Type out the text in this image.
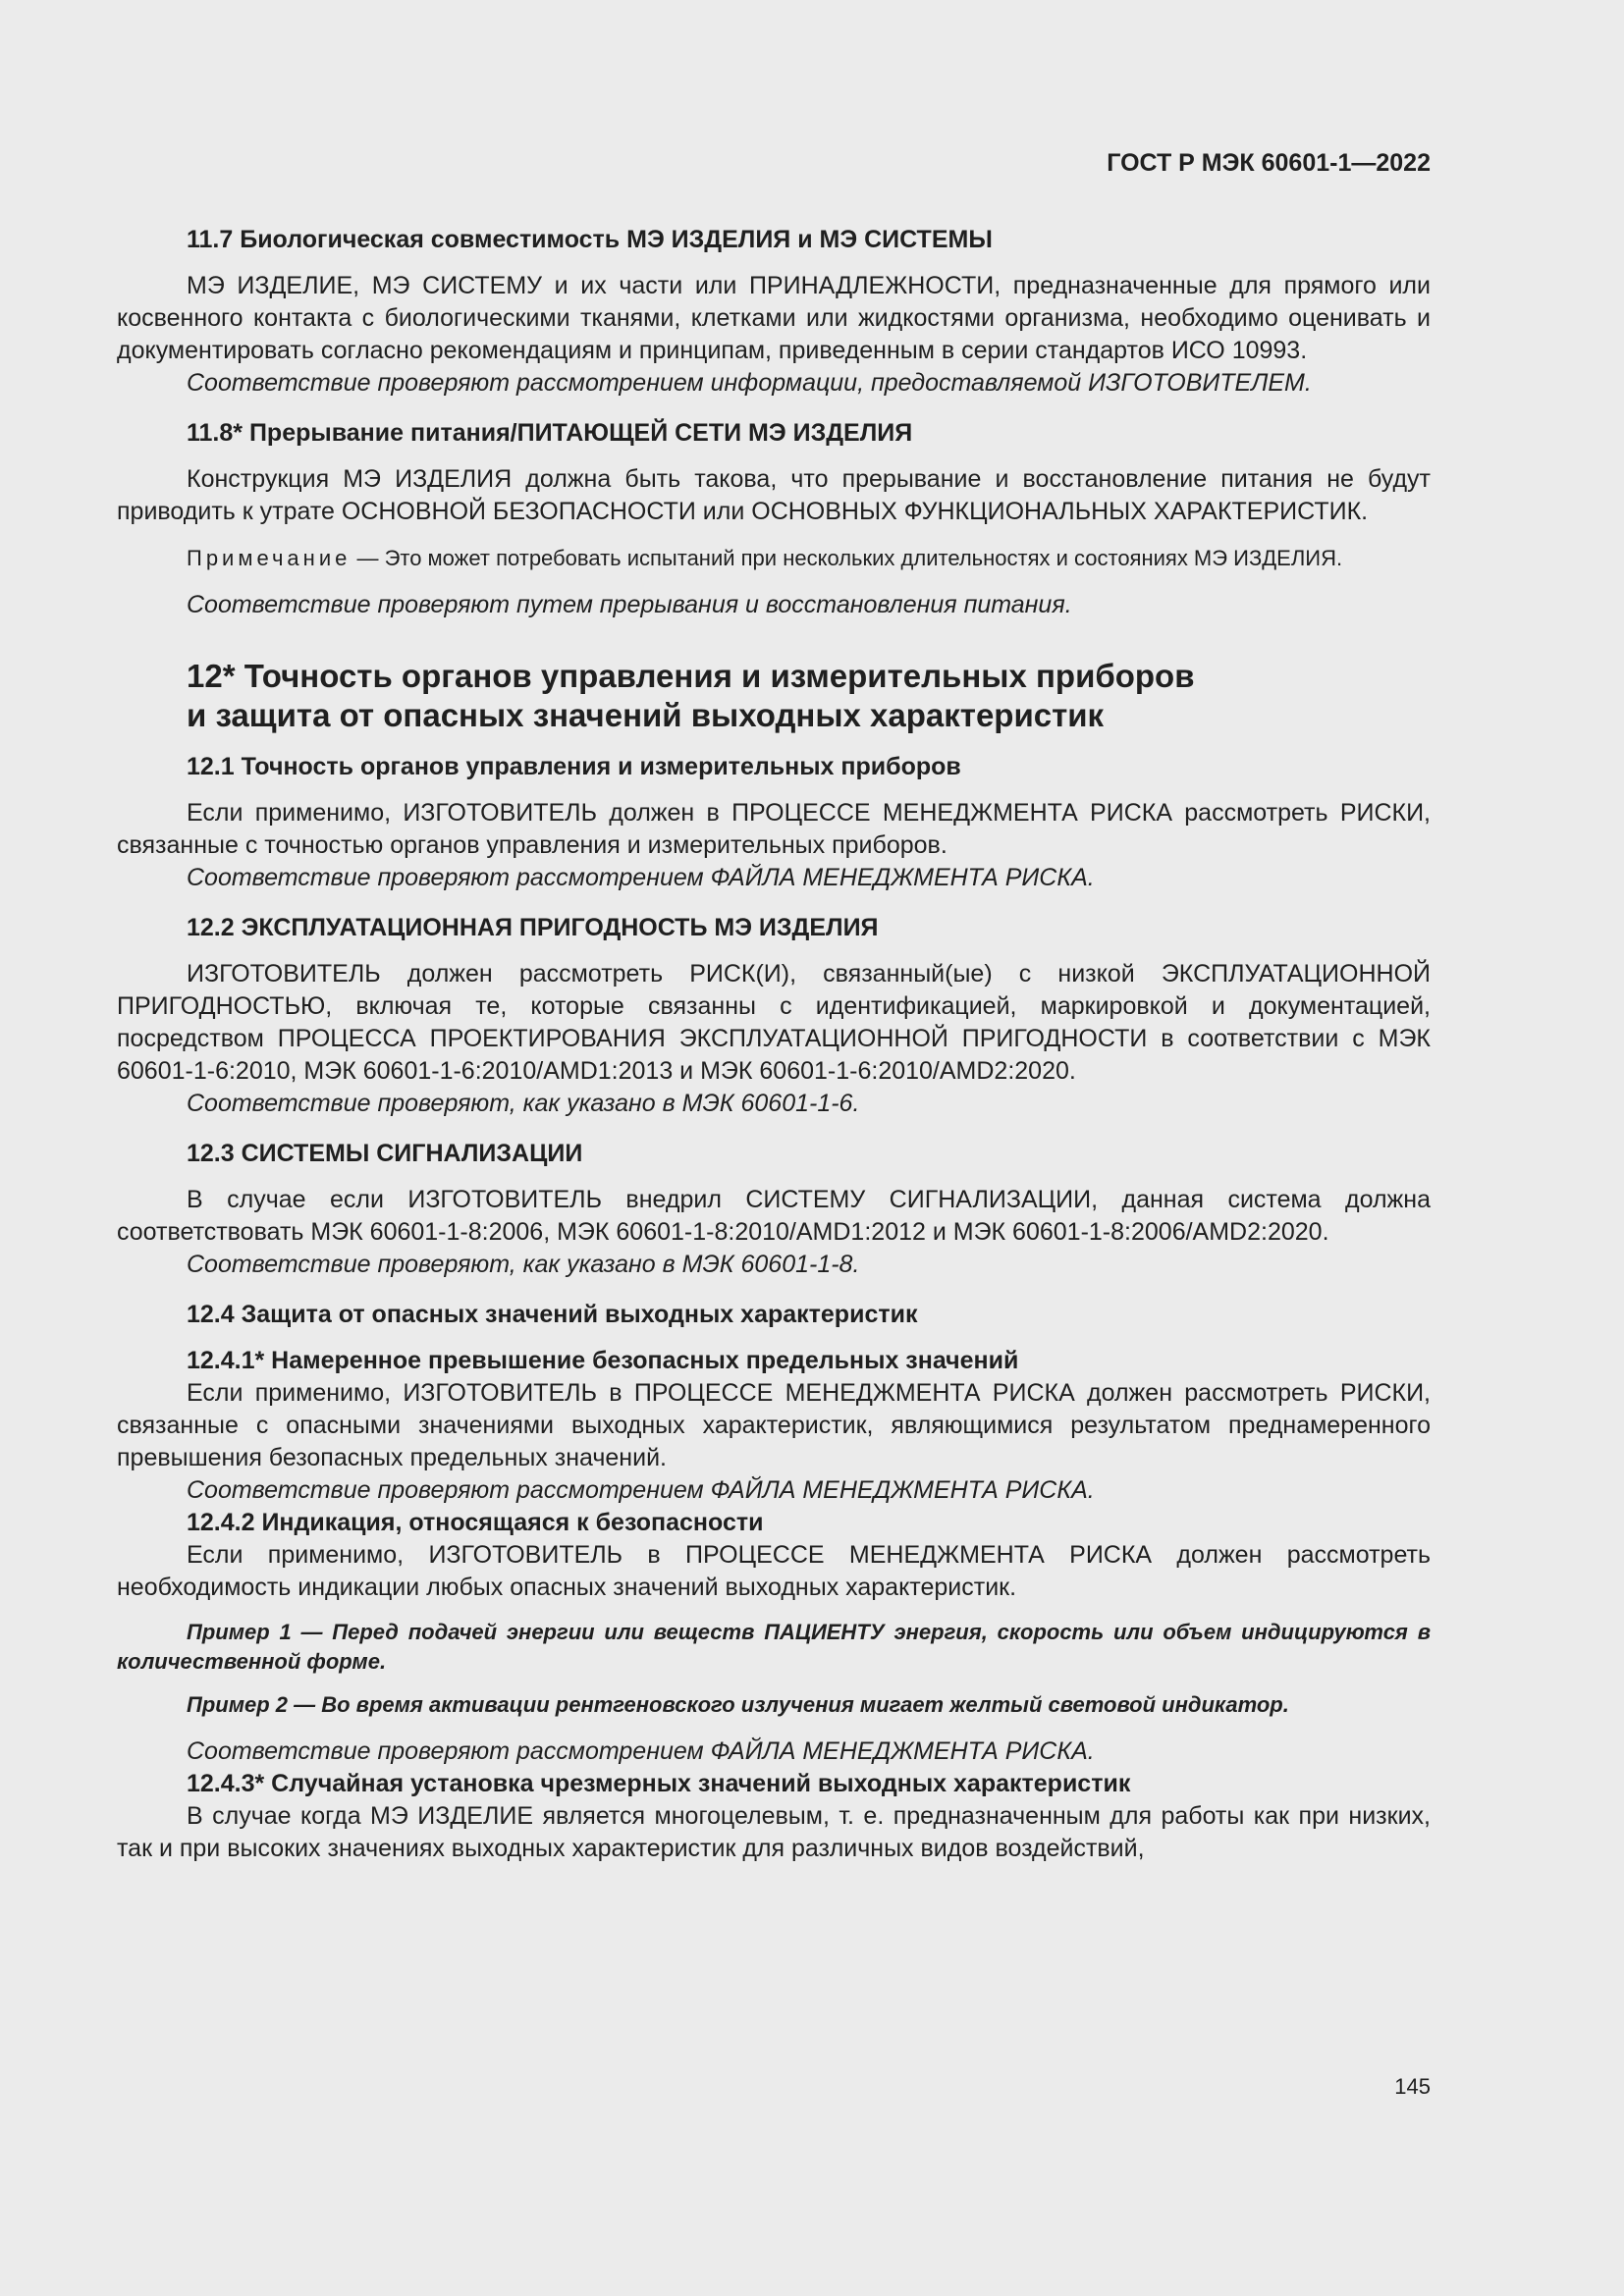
ГОСТ Р МЭК 60601-1—2022
11.7 Биологическая совместимость МЭ ИЗДЕЛИЯ и МЭ СИСТЕМЫ

МЭ ИЗДЕЛИЕ, МЭ СИСТЕМУ и их части или ПРИНАДЛЕЖНОСТИ, предназначенные для прямого или косвенного контакта с биологическими тканями, клетками или жидкостями организма, необходимо оценивать и документировать согласно рекомендациям и принципам, приведенным в серии стандартов ИСО 10993.

Соответствие проверяют рассмотрением информации, предоставляемой ИЗГОТОВИТЕЛЕМ.

11.8* Прерывание питания/ПИТАЮЩЕЙ СЕТИ МЭ ИЗДЕЛИЯ

Конструкция МЭ ИЗДЕЛИЯ должна быть такова, что прерывание и восстановление питания не будут приводить к утрате ОСНОВНОЙ БЕЗОПАСНОСТИ или ОСНОВНЫХ ФУНКЦИОНАЛЬНЫХ ХАРАКТЕРИСТИК.

Примечание — Это может потребовать испытаний при нескольких длительностях и состояниях МЭ ИЗДЕЛИЯ.

Соответствие проверяют путем прерывания и восстановления питания.

12* Точность органов управления и измерительных приборов
и защита от опасных значений выходных характеристик
12.1 Точность органов управления и измерительных приборов

Если применимо, ИЗГОТОВИТЕЛЬ должен в ПРОЦЕССЕ МЕНЕДЖМЕНТА РИСКА рассмотреть РИСКИ, связанные с точностью органов управления и измерительных приборов.

Соответствие проверяют рассмотрением ФАЙЛА МЕНЕДЖМЕНТА РИСКА.

12.2 ЭКСПЛУАТАЦИОННАЯ ПРИГОДНОСТЬ МЭ ИЗДЕЛИЯ

ИЗГОТОВИТЕЛЬ должен рассмотреть РИСК(И), связанный(ые) с низкой ЭКСПЛУАТАЦИОННОЙ ПРИГОДНОСТЬЮ, включая те, которые связанны с идентификацией, маркировкой и документацией, посредством ПРОЦЕССА ПРОЕКТИРОВАНИЯ ЭКСПЛУАТАЦИОННОЙ ПРИГОДНОСТИ в соответствии с МЭК 60601-1-6:2010, МЭК 60601-1-6:2010/AMD1:2013 и МЭК 60601-1-6:2010/AMD2:2020.

Соответствие проверяют, как указано в МЭК 60601-1-6.

12.3 СИСТЕМЫ СИГНАЛИЗАЦИИ

В случае если ИЗГОТОВИТЕЛЬ внедрил СИСТЕМУ СИГНАЛИЗАЦИИ, данная система должна соответствовать МЭК 60601-1-8:2006, МЭК 60601-1-8:2010/AMD1:2012 и МЭК 60601-1-8:2006/AMD2:2020.

Соответствие проверяют, как указано в МЭК 60601-1-8.

12.4 Защита от опасных значений выходных характеристик
12.4.1* Намеренное превышение безопасных предельных значений

Если применимо, ИЗГОТОВИТЕЛЬ в ПРОЦЕССЕ МЕНЕДЖМЕНТА РИСКА должен рассмотреть РИСКИ, связанные с опасными значениями выходных характеристик, являющимися результатом преднамеренного превышения безопасных предельных значений.

Соответствие проверяют рассмотрением ФАЙЛА МЕНЕДЖМЕНТА РИСКА.

12.4.2 Индикация, относящаяся к безопасности

Если применимо, ИЗГОТОВИТЕЛЬ в ПРОЦЕССЕ МЕНЕДЖМЕНТА РИСКА должен рассмотреть необходимость индикации любых опасных значений выходных характеристик.

Пример 1 — Перед подачей энергии или веществ ПАЦИЕНТУ энергия, скорость или объем индицируются в количественной форме.

Пример 2 — Во время активации рентгеновского излучения мигает желтый световой индикатор.

Соответствие проверяют рассмотрением ФАЙЛА МЕНЕДЖМЕНТА РИСКА.

12.4.3* Случайная установка чрезмерных значений выходных характеристик

В случае когда МЭ ИЗДЕЛИЕ является многоцелевым, т. е. предназначенным для работы как при низких, так и при высоких значениях выходных характеристик для различных видов воздействий,

145
